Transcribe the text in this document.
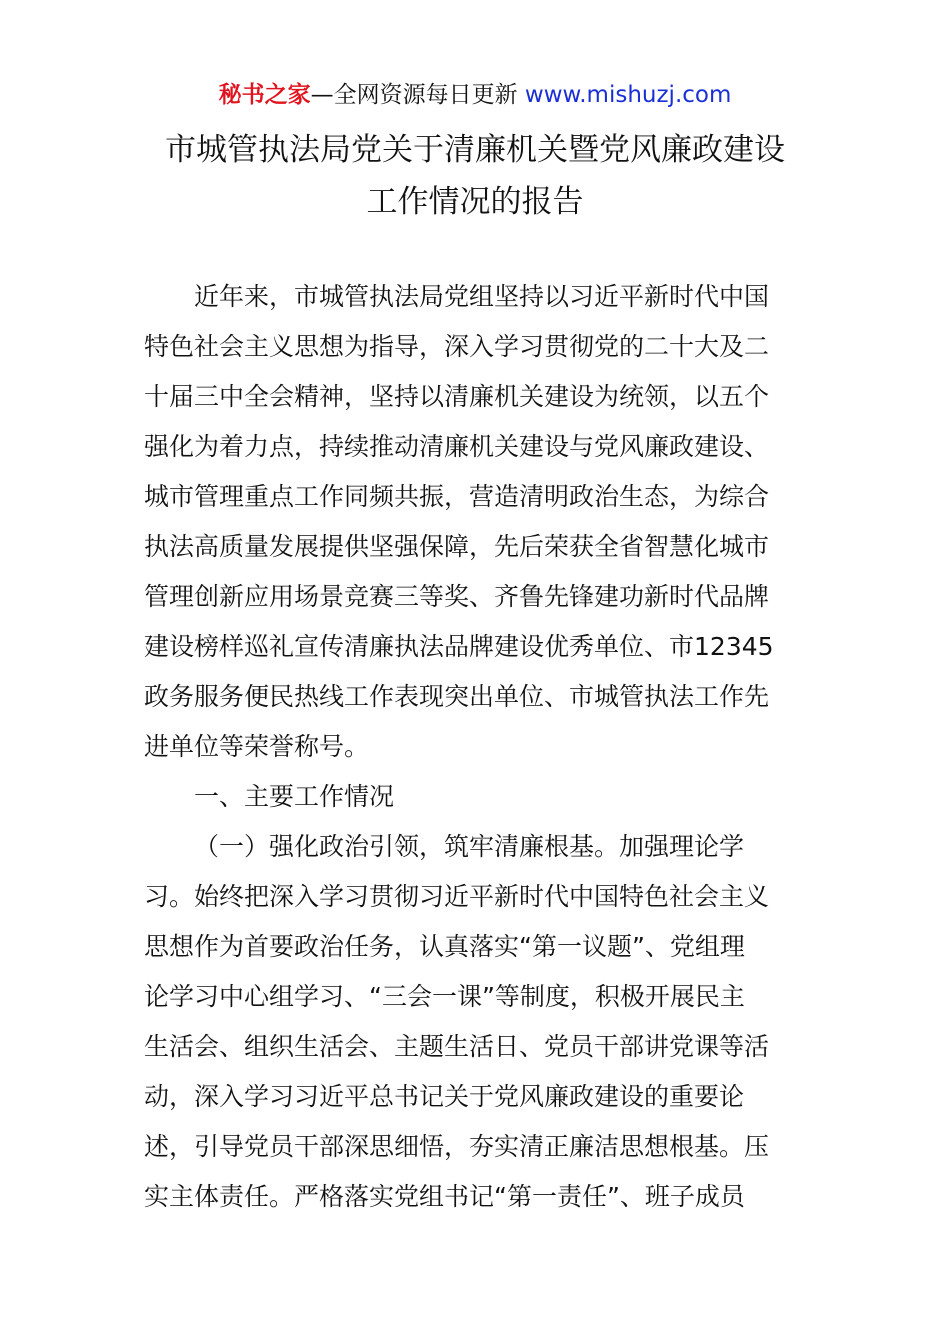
秘书之家—全网资源每日更新 www.mishuzj.com
市城管执法局党关于清廉机关暨党风廉政建设
工作情况的报告

近年来，市城管执法局党组坚持以习近平新时代中国
特色社会主义思想为指导，深入学习贯彻党的二十大及二
十届三中全会精神，坚持以清廉机关建设为统领，以五个
强化为着力点，持续推动清廉机关建设与党风廉政建设、
城市管理重点工作同频共振，营造清明政治生态，为综合
执法高质量发展提供坚强保障，先后荣获全省智慧化城市
管理创新应用场景竞赛三等奖、齐鲁先锋建功新时代品牌
建设榜样巡礼宣传清廉执法品牌建设优秀单位、市12345
政务服务便民热线工作表现突出单位、市城管执法工作先
进单位等荣誉称号。

一、主要工作情况

（一）强化政治引领，筑牢清廉根基。加强理论学
习。始终把深入学习贯彻习近平新时代中国特色社会主义
思想作为首要政治任务，认真落实“第一议题”、党组理
论学习中心组学习、“三会一课”等制度，积极开展民主
生活会、组织生活会、主题生活日、党员干部讲党课等活
动，深入学习习近平总书记关于党风廉政建设的重要论
述，引导党员干部深思细悟，夯实清正廉洁思想根基。压
实主体责任。严格落实党组书记“第一责任”、班子成员
